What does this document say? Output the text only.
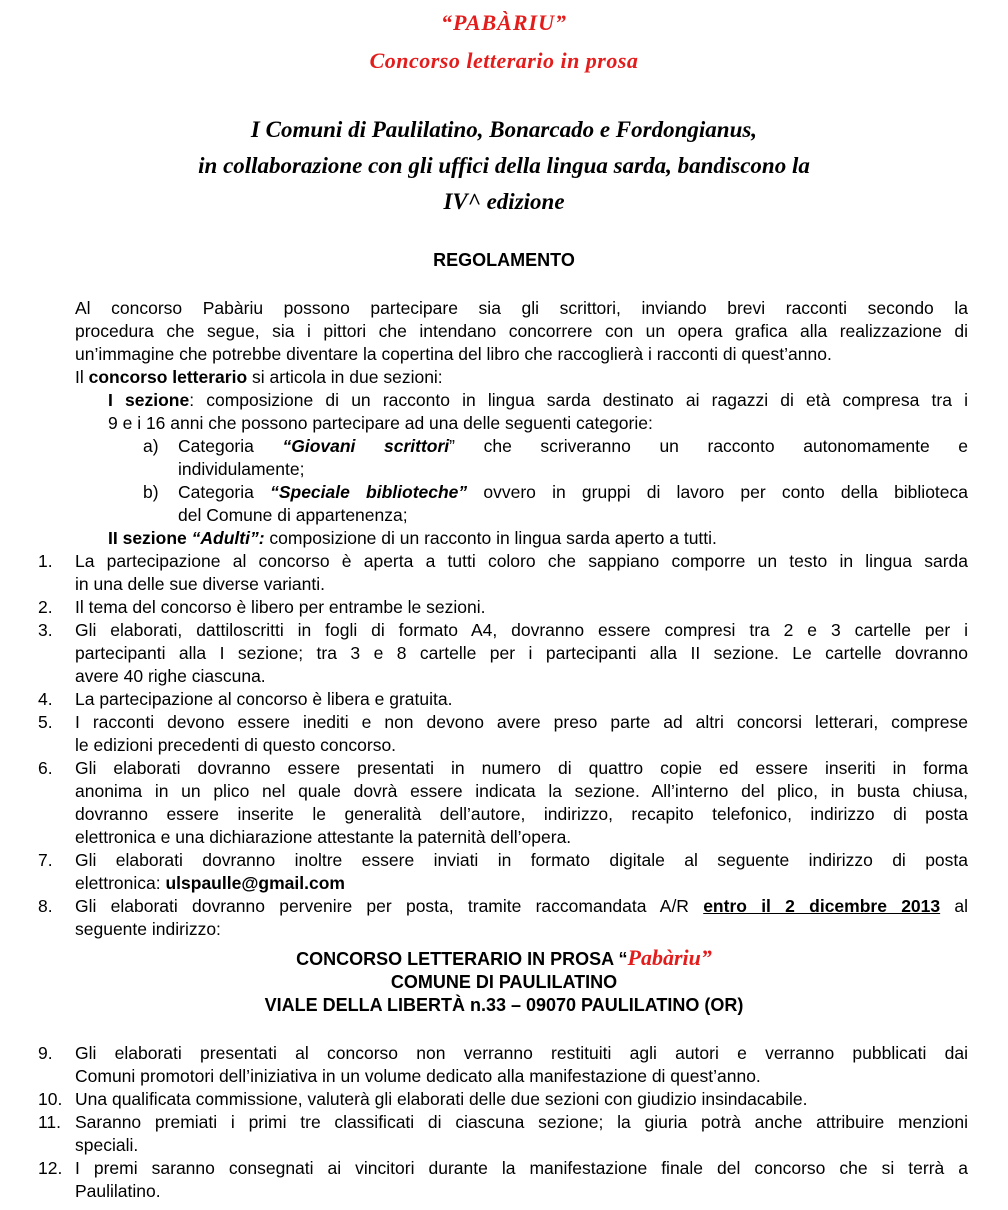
“PABÀRIU”
Concorso letterario in prosa
I Comuni di Paulilatino, Bonarcado e Fordongianus,
in collaborazione con gli uffici della lingua sarda, bandiscono la
IV^ edizione
REGOLAMENTO
Al concorso Pabàriu possono partecipare sia gli scrittori, inviando brevi racconti secondo la
procedura che segue, sia i pittori che intendano concorrere con un opera grafica alla realizzazione di
un’immagine che potrebbe diventare la copertina del libro che raccoglierà i racconti di quest’anno.
Il concorso letterario si articola in due sezioni:
I sezione: composizione di un racconto in lingua sarda destinato ai ragazzi di età compresa tra i
9 e i 16 anni che possono partecipare ad una delle seguenti categorie:
a) Categoria “Giovani scrittori” che scriveranno un racconto autonomamente e
individulamente;
b) Categoria “Speciale biblioteche” ovvero in gruppi di lavoro per conto della biblioteca
del Comune di appartenenza;
II sezione “Adulti”: composizione di un racconto in lingua sarda aperto a tutti.
1. La partecipazione al concorso è aperta a tutti coloro che sappiano comporre un testo in lingua sarda
in una delle sue diverse varianti.
2. Il tema del concorso è libero per entrambe le sezioni.
3. Gli elaborati, dattiloscritti in fogli di formato A4, dovranno essere compresi tra 2 e 3 cartelle per i
partecipanti alla I sezione; tra 3 e 8 cartelle per i partecipanti alla II sezione. Le cartelle dovranno
avere 40 righe ciascuna.
4. La partecipazione al concorso è libera e gratuita.
5. I racconti devono essere inediti e non devono avere preso parte ad altri concorsi letterari, comprese
le edizioni precedenti di questo concorso.
6. Gli elaborati dovranno essere presentati in numero di quattro copie ed essere inseriti in forma
anonima in un plico nel quale dovrà essere indicata la sezione. All’interno del plico, in busta chiusa,
dovranno essere inserite le generalità dell’autore, indirizzo, recapito telefonico, indirizzo di posta
elettronica e una dichiarazione attestante la paternità dell’opera.
7. Gli elaborati dovranno inoltre essere inviati in formato digitale al seguente indirizzo di posta
elettronica: ulspaulle@gmail.com
8. Gli elaborati dovranno pervenire per posta, tramite raccomandata A/R entro il 2 dicembre 2013 al
seguente indirizzo:
CONCORSO LETTERARIO IN PROSA “Pabàriu”
COMUNE DI PAULILATINO
VIALE DELLA LIBERTÀ n.33 – 09070 PAULILATINO (OR)
9. Gli elaborati presentati al concorso non verranno restituiti agli autori e verranno pubblicati dai
Comuni promotori dell’iniziativa in un volume dedicato alla manifestazione di quest’anno.
10. Una qualificata commissione, valuterà gli elaborati delle due sezioni con giudizio insindacabile.
11. Saranno premiati i primi tre classificati di ciascuna sezione; la giuria potrà anche attribuire menzioni
speciali.
12. I premi saranno consegnati ai vincitori durante la manifestazione finale del concorso che si terrà a
Paulilatino.
